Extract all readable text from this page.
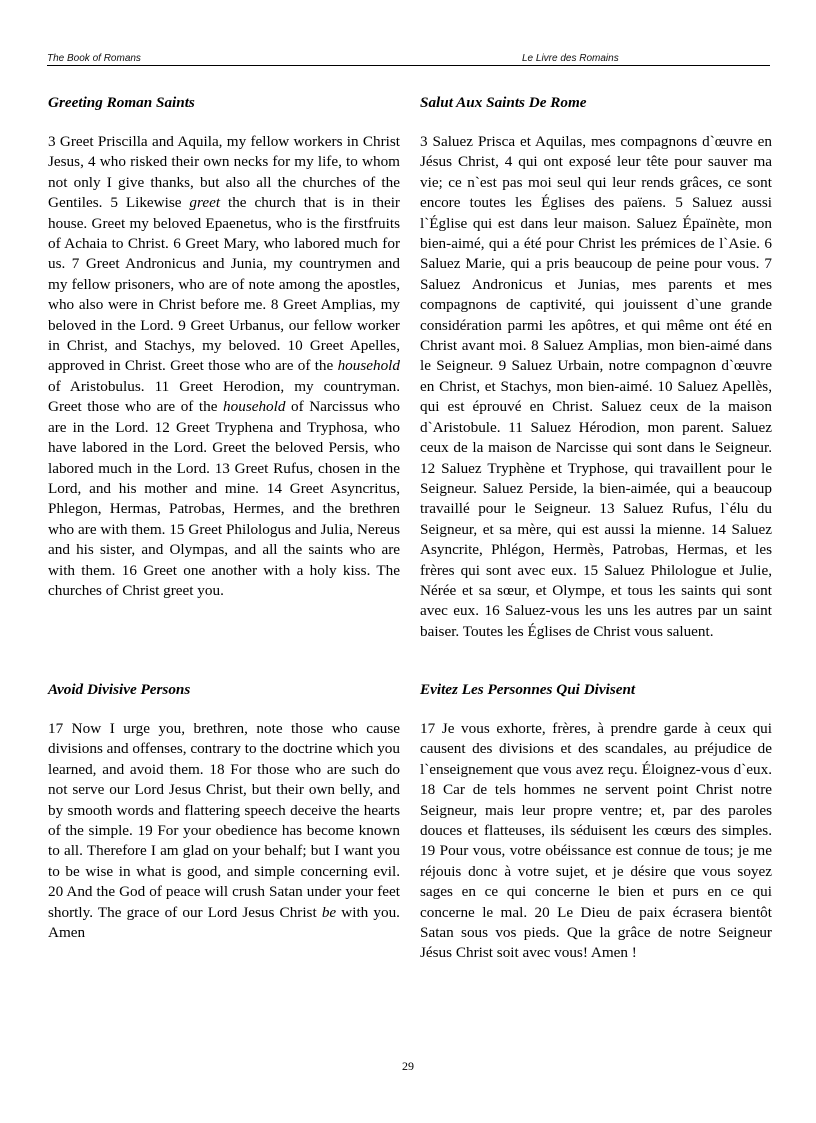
The Book of Romans	Le Livre des Romains

Greeting Roman Saints	Salut Aux Saints De Rome

3 Greet Priscilla and Aquila, my fellow workers in Christ Jesus, 4 who risked their own necks for my life, to whom not only I give thanks, but also all the churches of the Gentiles. 5 Likewise greet the church that is in their house. Greet my beloved Epaenetus, who is the firstfruits of Achaia to Christ. 6 Greet Mary, who labored much for us. 7 Greet Andronicus and Junia, my countrymen and my fellow prisoners, who are of note among the apostles, who also were in Christ before me. 8 Greet Amplias, my beloved in the Lord. 9 Greet Urbanus, our fellow worker in Christ, and Stachys, my beloved. 10 Greet Apelles, approved in Christ. Greet those who are of the household of Aristobulus. 11 Greet Herodion, my countryman. Greet those who are of the household of Narcissus who are in the Lord. 12 Greet Tryphena and Tryphosa, who have labored in the Lord. Greet the beloved Persis, who labored much in the Lord. 13 Greet Rufus, chosen in the Lord, and his mother and mine. 14 Greet Asyncritus, Phlegon, Hermas, Patrobas, Hermes, and the brethren who are with them. 15 Greet Philologus and Julia, Nereus and his sister, and Olympas, and all the saints who are with them. 16 Greet one another with a holy kiss. The churches of Christ greet you.

3 Saluez Prisca et Aquilas, mes compagnons d`œuvre en Jésus Christ, 4 qui ont exposé leur tête pour sauver ma vie; ce n`est pas moi seul qui leur rends grâces, ce sont encore toutes les Églises des païens. 5 Saluez aussi l`Église qui est dans leur maison. Saluez Épaïnète, mon bien-aimé, qui a été pour Christ les prémices de l`Asie. 6 Saluez Marie, qui a pris beaucoup de peine pour vous. 7 Saluez Andronicus et Junias, mes parents et mes compagnons de captivité, qui jouissent d`une grande considération parmi les apôtres, et qui même ont été en Christ avant moi. 8 Saluez Amplias, mon bien-aimé dans le Seigneur. 9 Saluez Urbain, notre compagnon d`œuvre en Christ, et Stachys, mon bien-aimé. 10 Saluez Apellès, qui est éprouvé en Christ. Saluez ceux de la maison d`Aristobule. 11 Saluez Hérodion, mon parent. Saluez ceux de la maison de Narcisse qui sont dans le Seigneur. 12 Saluez Tryphène et Tryphose, qui travaillent pour le Seigneur. Saluez Perside, la bien-aimée, qui a beaucoup travaillé pour le Seigneur. 13 Saluez Rufus, l`élu du Seigneur, et sa mère, qui est aussi la mienne. 14 Saluez Asyncrite, Phlégon, Hermès, Patrobas, Hermas, et les frères qui sont avec eux. 15 Saluez Philologue et Julie, Nérée et sa sœur, et Olympe, et tous les saints qui sont avec eux. 16 Saluez-vous les uns les autres par un saint baiser. Toutes les Églises de Christ vous saluent.

Avoid Divisive Persons	Evitez Les Personnes Qui Divisent

17 Now I urge you, brethren, note those who cause divisions and offenses, contrary to the doctrine which you learned, and avoid them. 18 For those who are such do not serve our Lord Jesus Christ, but their own belly, and by smooth words and flattering speech deceive the hearts of the simple. 19 For your obedience has become known to all. Therefore I am glad on your behalf; but I want you to be wise in what is good, and simple concerning evil. 20 And the God of peace will crush Satan under your feet shortly. The grace of our Lord Jesus Christ be with you. Amen

17 Je vous exhorte, frères, à prendre garde à ceux qui causent des divisions et des scandales, au préjudice de l`enseignement que vous avez reçu. Éloignez-vous d`eux. 18 Car de tels hommes ne servent point Christ notre Seigneur, mais leur propre ventre; et, par des paroles douces et flatteuses, ils séduisent les cœurs des simples. 19 Pour vous, votre obéissance est connue de tous; je me réjouis donc à votre sujet, et je désire que vous soyez sages en ce qui concerne le bien et purs en ce qui concerne le mal. 20 Le Dieu de paix écrasera bientôt Satan sous vos pieds. Que la grâce de notre Seigneur Jésus Christ soit avec vous! Amen !

29
